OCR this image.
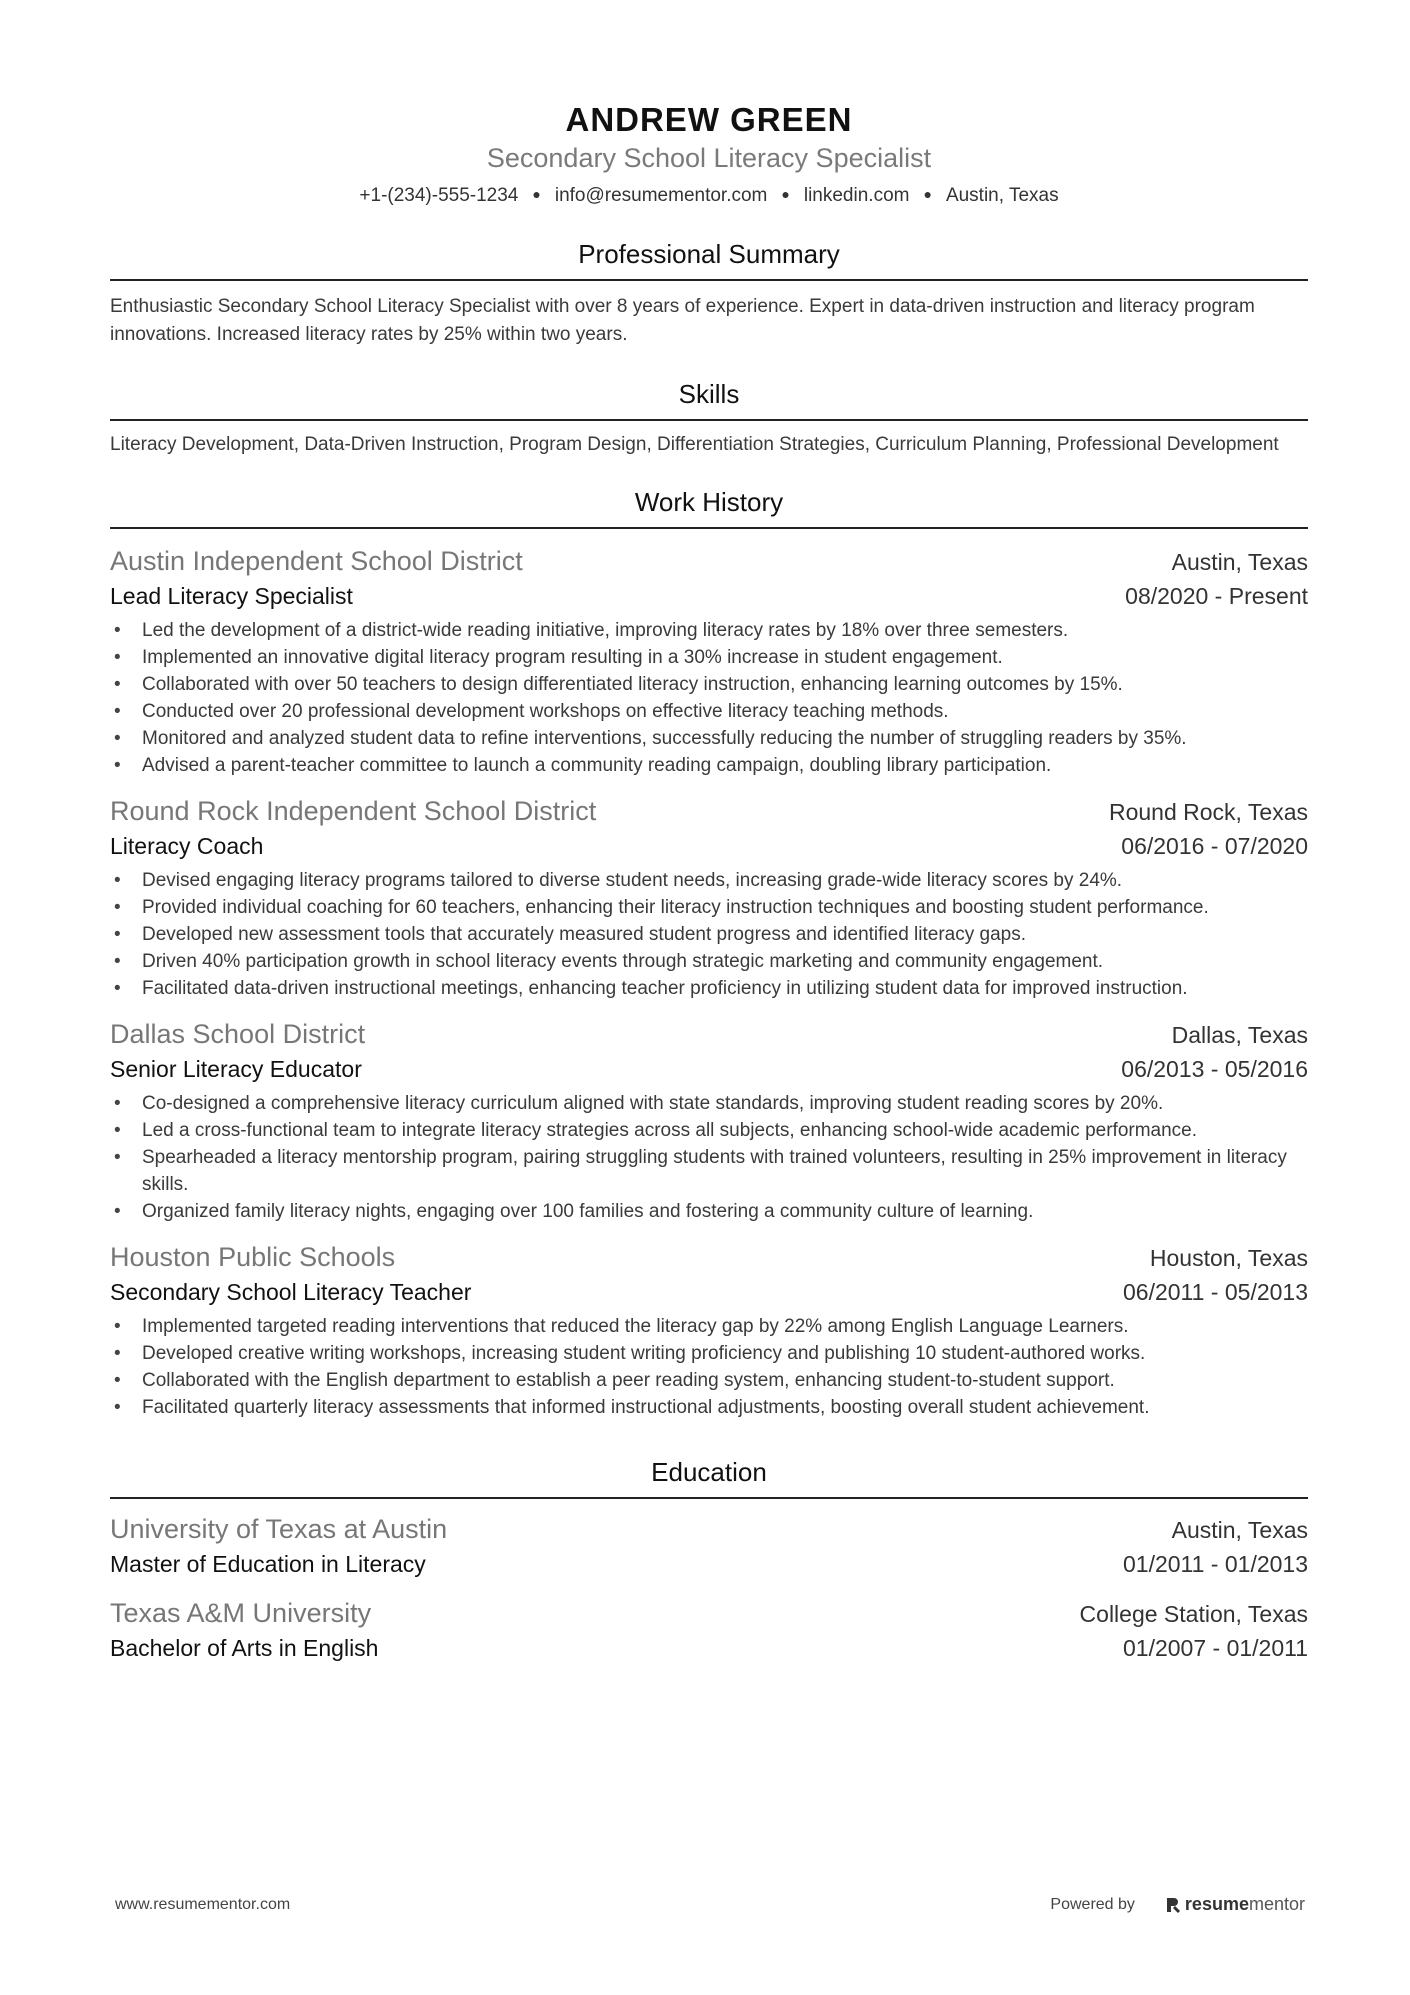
ANDREW GREEN
Secondary School Literacy Specialist
+1-(234)-555-1234 ● info@resumementor.com ● linkedin.com ● Austin, Texas
Professional Summary
Enthusiastic Secondary School Literacy Specialist with over 8 years of experience. Expert in data-driven instruction and literacy program innovations. Increased literacy rates by 25% within two years.
Skills
Literacy Development, Data-Driven Instruction, Program Design, Differentiation Strategies, Curriculum Planning, Professional Development
Work History
Austin Independent School District	Austin, Texas
Lead Literacy Specialist	08/2020 - Present
• Led the development of a district-wide reading initiative, improving literacy rates by 18% over three semesters.
• Implemented an innovative digital literacy program resulting in a 30% increase in student engagement.
• Collaborated with over 50 teachers to design differentiated literacy instruction, enhancing learning outcomes by 15%.
• Conducted over 20 professional development workshops on effective literacy teaching methods.
• Monitored and analyzed student data to refine interventions, successfully reducing the number of struggling readers by 35%.
• Advised a parent-teacher committee to launch a community reading campaign, doubling library participation.
Round Rock Independent School District	Round Rock, Texas
Literacy Coach	06/2016 - 07/2020
• Devised engaging literacy programs tailored to diverse student needs, increasing grade-wide literacy scores by 24%.
• Provided individual coaching for 60 teachers, enhancing their literacy instruction techniques and boosting student performance.
• Developed new assessment tools that accurately measured student progress and identified literacy gaps.
• Driven 40% participation growth in school literacy events through strategic marketing and community engagement.
• Facilitated data-driven instructional meetings, enhancing teacher proficiency in utilizing student data for improved instruction.
Dallas School District	Dallas, Texas
Senior Literacy Educator	06/2013 - 05/2016
• Co-designed a comprehensive literacy curriculum aligned with state standards, improving student reading scores by 20%.
• Led a cross-functional team to integrate literacy strategies across all subjects, enhancing school-wide academic performance.
• Spearheaded a literacy mentorship program, pairing struggling students with trained volunteers, resulting in 25% improvement in literacy skills.
• Organized family literacy nights, engaging over 100 families and fostering a community culture of learning.
Houston Public Schools	Houston, Texas
Secondary School Literacy Teacher	06/2011 - 05/2013
• Implemented targeted reading interventions that reduced the literacy gap by 22% among English Language Learners.
• Developed creative writing workshops, increasing student writing proficiency and publishing 10 student-authored works.
• Collaborated with the English department to establish a peer reading system, enhancing student-to-student support.
• Facilitated quarterly literacy assessments that informed instructional adjustments, boosting overall student achievement.
Education
University of Texas at Austin	Austin, Texas
Master of Education in Literacy	01/2011 - 01/2013
Texas A&M University	College Station, Texas
Bachelor of Arts in English	01/2007 - 01/2011
www.resumementor.com	Powered by	resume mentor
